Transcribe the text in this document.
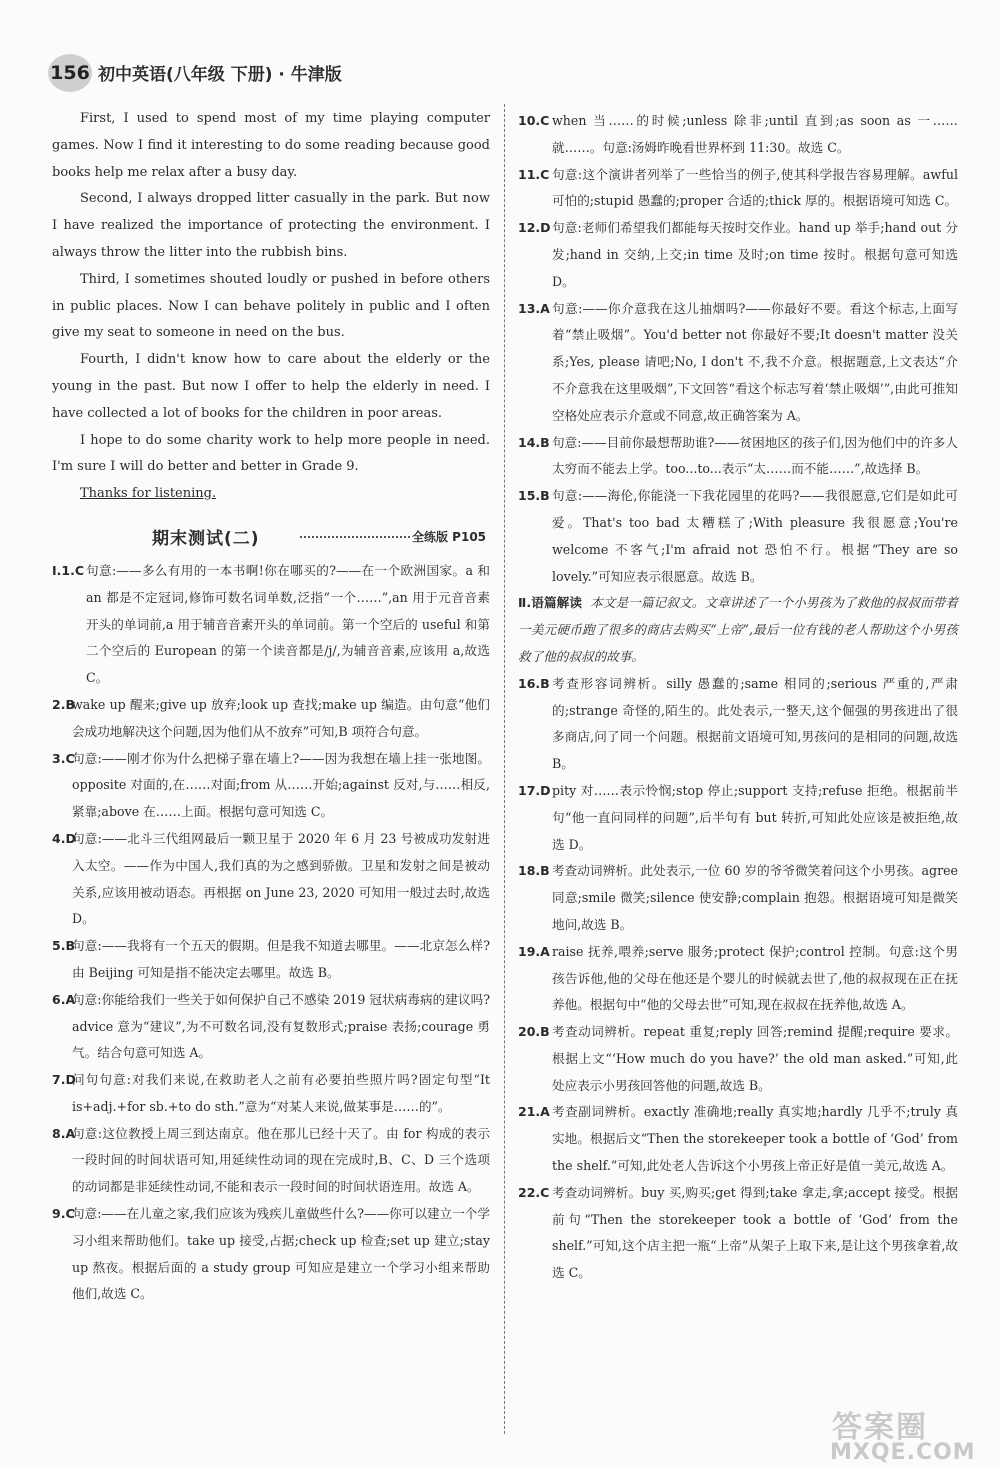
156 初中英语(八年级 下册) · 牛津版

First, I used to spend most of my time playing computer games. Now I find it interesting to do some reading because good books help me relax after a busy day.

Second, I always dropped litter casually in the park. But now I have realized the importance of protecting the environment. I always throw the litter into the rubbish bins.

Third, I sometimes shouted loudly or pushed in before others in public places. Now I can behave politely in public and I often give my seat to someone in need on the bus.

Fourth, I didn't know how to care about the elderly or the young in the past. But now I offer to help the elderly in need. I have collected a lot of books for the children in poor areas.

I hope to do some charity work to help more people in need. I'm sure I will do better and better in Grade 9.

Thanks for listening.

期末测试(二)	全练版 P105
Ⅰ.1.C 句意:——多么有用的一本书啊!你在哪买的?——在一个欧洲国家。a 和 an 都是不定冠词,修饰可数名词单数,泛指“一个……”,an 用于元音音素开头的单词前,a 用于辅音音素开头的单词前。第一个空后的 useful 和第二个空后的 European 的第一个读音都是/j/,为辅音音素,应该用 a,故选 C。
2.B
wake up 醒来;give up 放弃;look up 查找;make up 编造。由句意“他们会成功地解决这个问题,因为他们从不放弃”可知,B 项符合句意。
3.C
句意:——刚才你为什么把梯子靠在墙上?——因为我想在墙上挂一张地图。opposite 对面的,在……对面;from 从……开始;against 反对,与……相反,紧靠;above 在……上面。根据句意可知选 C。
4.D
句意:——北斗三代组网最后一颗卫星于 2020 年 6 月 23 号被成功发射进入太空。——作为中国人,我们真的为之感到骄傲。卫星和发射之间是被动关系,应该用被动语态。再根据 on June 23, 2020 可知用一般过去时,故选 D。
5.B
句意:——我将有一个五天的假期。但是我不知道去哪里。——北京怎么样?由 Beijing 可知是指不能决定去哪里。故选 B。
6.A
句意:你能给我们一些关于如何保护自己不感染 2019 冠状病毒病的建议吗?advice 意为“建议”,为不可数名词,没有复数形式;praise 表扬;courage 勇气。结合句意可知选 A。
7.D
问句句意:对我们来说,在救助老人之前有必要拍些照片吗?固定句型“It is+adj.+for sb.+to do sth.”意为“对某人来说,做某事是……的”。
8.A
句意:这位教授上周三到达南京。他在那儿已经十天了。由 for 构成的表示一段时间的时间状语可知,用延续性动词的现在完成时,B、C、D 三个选项的动词都是非延续性动词,不能和表示一段时间的时间状语连用。故选 A。
9.C
句意:——在儿童之家,我们应该为残疾儿童做些什么?——你可以建立一个学习小组来帮助他们。take up 接受,占据;check up 检查;set up 建立;stay up 熬夜。根据后面的 a study group 可知应是建立一个学习小组来帮助他们,故选 C。
10.C when 当……的时候;unless 除非;until 直到;as soon as 一……就……。句意:汤姆昨晚看世界杯到 11:30。故选 C。
11.C 句意:这个演讲者列举了一些恰当的例子,使其科学报告容易理解。awful 可怕的;stupid 愚蠢的;proper 合适的;thick 厚的。根据语境可知选 C。
12.D 句意:老师们希望我们都能每天按时交作业。hand up 举手;hand out 分发;hand in 交纳,上交;in time 及时;on time 按时。根据句意可知选 D。
13.A 句意:——你介意我在这儿抽烟吗?——你最好不要。看这个标志,上面写着“禁止吸烟”。You'd better not 你最好不要;It doesn't matter 没关系;Yes, please 请吧;No, I don't 不,我不介意。根据题意,上文表达“介不介意我在这里吸烟”,下文回答“看这个标志写着‘禁止吸烟’”,由此可推知空格处应表示介意或不同意,故正确答案为 A。
14.B 句意:——目前你最想帮助谁?——贫困地区的孩子们,因为他们中的许多人太穷而不能去上学。too...to...表示“太……而不能……”,故选择 B。
15.B 句意:——海伦,你能浇一下我花园里的花吗?——我很愿意,它们是如此可爱。That's too bad 太糟糕了;With pleasure 我很愿意;You're welcome 不客气;I'm afraid not 恐怕不行。根据“They are so lovely.”可知应表示很愿意。故选 B。

Ⅱ.语篇解读 本文是一篇记叙文。文章讲述了一个小男孩为了救他的叔叔而带着一美元硬币跑了很多的商店去购买“上帝”,最后一位有钱的老人帮助这个小男孩救了他的叔叔的故事。

16.B 考查形容词辨析。silly 愚蠢的;same 相同的;serious 严重的,严肃的;strange 奇怪的,陌生的。此处表示,一整天,这个倔强的男孩进出了很多商店,问了同一个问题。根据前文语境可知,男孩问的是相同的问题,故选 B。
17.D pity 对……表示怜悯;stop 停止;support 支持;refuse 拒绝。根据前半句“他一直问同样的问题”,后半句有 but 转折,可知此处应该是被拒绝,故选 D。
18.B 考查动词辨析。此处表示,一位 60 岁的爷爷微笑着问这个小男孩。agree 同意;smile 微笑;silence 使安静;complain 抱怨。根据语境可知是微笑地问,故选 B。
19.A raise 抚养,喂养;serve 服务;protect 保护;control 控制。句意:这个男孩告诉他,他的父母在他还是个婴儿的时候就去世了,他的叔叔现在正在抚养他。根据句中“他的父母去世”可知,现在叔叔在抚养他,故选 A。
20.B 考查动词辨析。repeat 重复;reply 回答;remind 提醒;require 要求。根据上文“‘How much do you have?’ the old man asked.”可知,此处应表示小男孩回答他的问题,故选 B。
21.A 考查副词辨析。exactly 准确地;really 真实地;hardly 几乎不;truly 真实地。根据后文“Then the storekeeper took a bottle of ‘God’ from the shelf.”可知,此处老人告诉这个小男孩上帝正好是值一美元,故选 A。
22.C 考查动词辨析。buy 买,购买;get 得到;take 拿走,拿;accept 接受。根据前句“Then the storekeeper took a bottle of ‘God’ from the shelf.”可知,这个店主把一瓶“上帝”从架子上取下来,是让这个男孩拿着,故选 C。
答案圈
MXQE.COM
